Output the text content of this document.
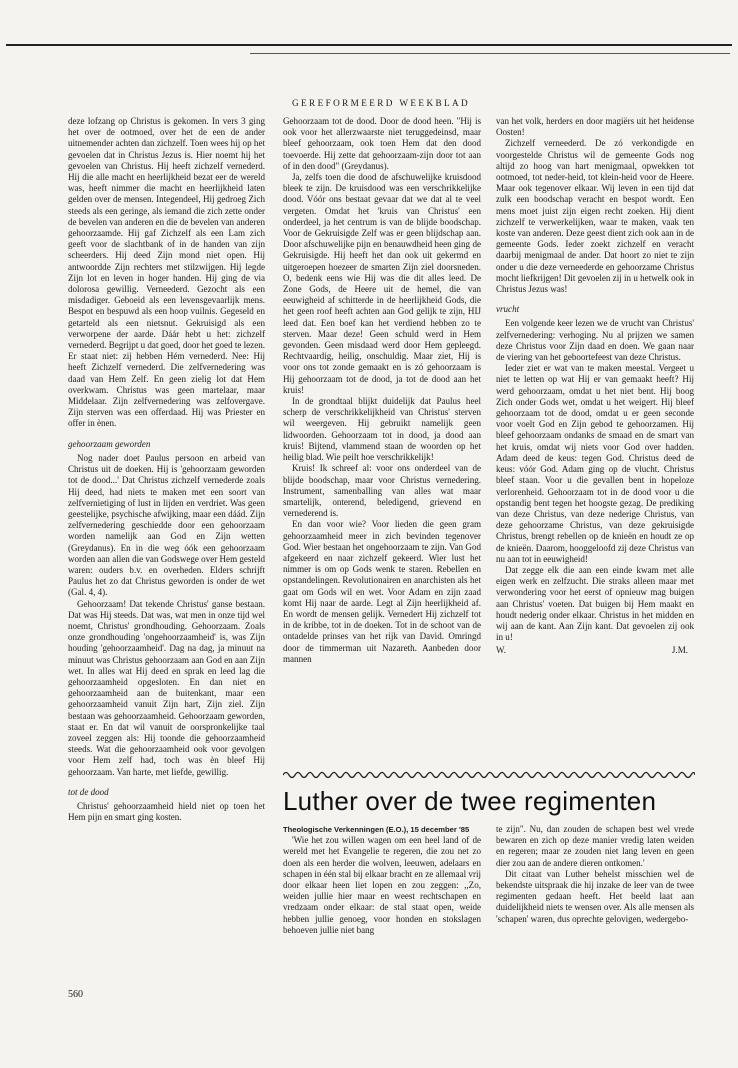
GEREFORMEERD WEEKBLAD

deze lofzang op Christus is gekomen. In vers 3 ging het over de ootmoed, over het de een de ander uitnemender achten dan zichzelf. Toen wees hij op het gevoelen dat in Christus Jezus is. Hier noemt hij het gevoelen van Christus. Hij heeft zichzelf vernederd. Hij die alle macht en heerlijkheid bezat eer de wereld was, heeft nimmer die macht en heerlijkheid laten gelden over de mensen. Integendeel, Hij gedroeg Zich steeds als een geringe, als iemand die zich zette onder de bevelen van anderen en die de bevelen van anderen gehoorzaamde. Hij gaf Zichzelf als een Lam zich geeft voor de slachtbank of in de handen van zijn scheerders. Hij deed Zijn mond niet open. Hij antwoordde Zijn rechters met stilzwijgen. Hij legde Zijn lot en leven in hoger handen. Hij ging de via dolorosa gewillig. Verneederd. Gezocht als een misdadiger. Geboeid als een levensgevaarlijk mens. Bespot en bespuwd als een hoop vuilnis. Gegeseld en getarteld als een nietsnut. Gekruisigd als een verworpene der aarde. Dáár hebt u het: zichzelf vernederd. Begrijpt u dat goed, door het goed te lezen. Er staat niet: zij hebben Hém vernederd. Nee: Hij heeft Zichzelf vernederd. Die zelfvernedering was daad van Hem Zelf. En geen zielig lot dat Hem overkwam. Christus was geen martelaar, maar Middelaar. Zijn zelfvernedering was zelfovergave. Zijn sterven was een offerdaad. Hij was Priester en offer in ènen.

gehoorzaam geworden

Nog nader doet Paulus persoon en arbeid van Christus uit de doeken. Hij is 'gehoorzaam geworden tot de dood...' Dat Christus zichzelf vernederde zoals Hij deed, had niets te maken met een soort van zelfvernietiging of lust in lijden en verdriet. Was geen geestelijke, psychische afwijking, maar een dáád. Zijn zelfvernedering geschiedde door een gehoorzaam worden namelijk aan God en Zijn wetten (Greydanus). En in die weg óók een gehoorzaam worden aan allen die van Godswege over Hem gesteld waren: ouders b.v. en overheden. Elders schrijft Paulus het zo dat Christus geworden is onder de wet (Gal. 4, 4).

Gehoorzaam! Dat tekende Christus' ganse bestaan. Dat was Hij steeds. Dat was, wat men in onze tijd wel noemt, Christus' grondhouding. Gehoorzaam. Zoals onze grondhouding 'ongehoorzaamheid' is, was Zijn houding 'gehoorzaamheid'. Dag na dag, ja minuut na minuut was Christus gehoorzaam aan God en aan Zijn wet. In alles wat Hij deed en sprak en leed lag die gehoorzaamheid opgesloten. En dan niet en gehoorzaamheid aan de buitenkant, maar een gehoorzaamheid vanuit Zijn hart, Zijn ziel. Zijn bestaan was gehoorzaamheid. Gehoorzaam geworden, staat er. En dat wil vanuit de oorspronkelijke taal zoveel zeggen als: Hij toonde die gehoorzaamheid steeds. Wat die gehoorzaamheid ook voor gevolgen voor Hem zelf had, toch was èn bleef Hij gehoorzaam. Van harte, met liefde, gewillig.

tot de dood

Christus' gehoorzaamheid hield niet op toen het Hem pijn en smart ging kosten.

Gehoorzaam tot de dood. Door de dood heen. "Hij is ook voor het allerzwaarste niet teruggedeinsd, maar bleef gehoorzaam, ook toen Hem dat den dood toevoerde. Hij zette dat gehoorzaam-zijn door tot aan of in den dood" (Greydanus).

Ja, zelfs toen die dood de afschuwelijke kruisdood bleek te zijn. De kruisdood was een verschrikkelijke dood. Vóór ons bestaat gevaar dat we dat al te veel vergeten. Omdat het 'kruis van Christus' een onderdeel, ja het centrum is van de blijde boodschap. Voor de Gekruisigde Zelf was er geen blijdschap aan. Door afschuwelijke pijn en benauwdheid heen ging de Gekruisigde. Hij heeft het dan ook uit gekermd en uitgeroepen hoezeer de smarten Zijn ziel doorsneden. O, bedenk eens wie Hij was die dit alles leed. De Zone Gods, de Heere uit de hemel, die van eeuwigheid af schitterde in de heerlijkheid Gods, die het geen roof heeft achten aan God gelijk te zijn, HIJ leed dat. Een boef kan het verdiend hebben zo te sterven. Maar deze! Geen schuld werd in Hem gevonden. Geen misdaad werd door Hem gepleegd. Rechtvaardig, heilig, onschuldig. Maar ziet, Hij is voor ons tot zonde gemaakt en is zó gehoorzaam is Hij gehoorzaam tot de dood, ja tot de dood aan het kruis!

In de grondtaal blijkt duidelijk dat Paulus heel scherp de verschrikkelijkheid van Christus' sterven wil weergeven. Hij gebruikt namelijk geen lidwoorden. Gehoorzaam tot in dood, ja dood aan kruis! Bijtend, vlammend staan de woorden op het heilig blad. Wie peilt hoe verschrikkelijk!

Kruis! Ik schreef al: voor ons onderdeel van de blijde boodschap, maar voor Christus vernedering. Instrument, samenballing van alles wat maar smartelijk, onterend, beledigend, grievend en vernederend is.

En dan voor wie? Voor lieden die geen gram gehoorzaamheid meer in zich bevinden tegenover God. Wier bestaan het ongehoorzaam te zijn. Van God afgekeerd en naar zichzelf gekeerd. Wier lust het nimmer is om op Gods wenk te staren. Rebellen en opstandelingen. Revolutionairen en anarchisten als het gaat om Gods wil en wet. Voor Adam en zijn zaad komt Hij naar de aarde. Legt al Zijn heerlijkheid af. En wordt de mensen gelijk. Vernedert Hij zichzelf tot in de kribbe, tot in de doeken. Tot in de schoot van de ontadelde prinses van het rijk van David. Omringd door de timmerman uit Nazareth. Aanbeden door mannen

van het volk, herders en door magiërs uit het heidense Oosten!

Zichzelf verneederd. De zó verkondigde en voorgestelde Christus wil de gemeente Gods nog altijd zo hoog van hart menigmaal, opwekken tot ootmoed, tot neder-heid, tot klein-heid voor de Heere. Maar ook tegenover elkaar. Wij leven in een tijd dat zulk een boodschap veracht en bespot wordt. Een mens moet juist zijn eigen recht zoeken. Hij dient zichzelf te verwerkelijken, waar te maken, vaak ten koste van anderen. Deze geest dient zich ook aan in de gemeente Gods. Ieder zoekt zichzelf en veracht daarbij menigmaal de ander. Dat hoort zo niet te zijn onder u die deze verneederde en gehoorzame Christus mocht liefkrijgen! Dit gevoelen zij in u hetwelk ook in Christus Jezus was!

vrucht

Een volgende keer lezen we de vrucht van Christus' zelfvernedering: verhoging. Nu al prijzen we samen deze Christus voor Zijn daad en doen. We gaan naar de viering van het geboortefeest van deze Christus.

Ieder ziet er wat van te maken meestal. Vergeet u niet te letten op wat Hij er van gemaakt heeft? Hij werd gehoorzaam, omdat u het niet bent. Hij boog Zich onder Gods wet, omdat u het weigert. Hij bleef gehoorzaam tot de dood, omdat u er geen seconde voor voelt God en Zijn gebod te gehoorzamen. Hij bleef gehoorzaam ondanks de smaad en de smart van het kruis, omdat wij niets voor God over hadden. Adam deed de keus: tegen God. Christus deed de keus: vóór God. Adam ging op de vlucht. Christus bleef staan. Voor u die gevallen bent in hopeloze verlorenheid. Gehoorzaam tot in de dood voor u die opstandig bent tegen het hoogste gezag. De prediking van deze Christus, van deze nederige Christus, van deze gehoorzame Christus, van deze gekruisigde Christus, brengt rebellen op de knieën en houdt ze op de knieën. Daarom, hooggeloofd zij deze Christus van nu aan tot in eeuwigheid!

Dat zegge elk die aan een einde kwam met alle eigen werk en zelfzucht. Die straks alleen maar met verwondering voor het eerst of opnieuw mag buigen aan Christus' voeten. Dat buigen bij Hem maakt en houdt nederig onder elkaar. Christus in het midden en wij aan de kant. Aan Zijn kant. Dat gevoelen zij ook in u!

W.	J.M.
Luther over de twee regimenten

Theologische Verkenningen (E.O.), 15 december '85

'Wie het zou willen wagen om een heel land of de wereld met het Evangelie te regeren, die zou net zo doen als een herder die wolven, leeuwen, adelaars en schapen in één stal bij elkaar bracht en ze allemaal vrij door elkaar heen liet lopen en zou zeggen: ,,Zo, weiden jullie hier maar en weest rechtschapen en vredzaam onder elkaar: de stal staat open, weide hebben jullie genoeg, voor honden en stokslagen behoeven jullie niet bang

te zijn". Nu, dan zouden de schapen best wel vrede bewaren en zich op deze manier vredig laten weiden en regeren; maar ze zouden niet lang leven en geen dier zou aan de andere dieren ontkomen.'

Dit citaat van Luther behelst misschien wel de bekendste uitspraak die hij inzake de leer van de twee regimenten gedaan heeft. Het beeld laat aan duidelijkheid niets te wensen over. Als alle mensen als 'schapen' waren, dus oprechte gelovigen, wedergebo-

560
